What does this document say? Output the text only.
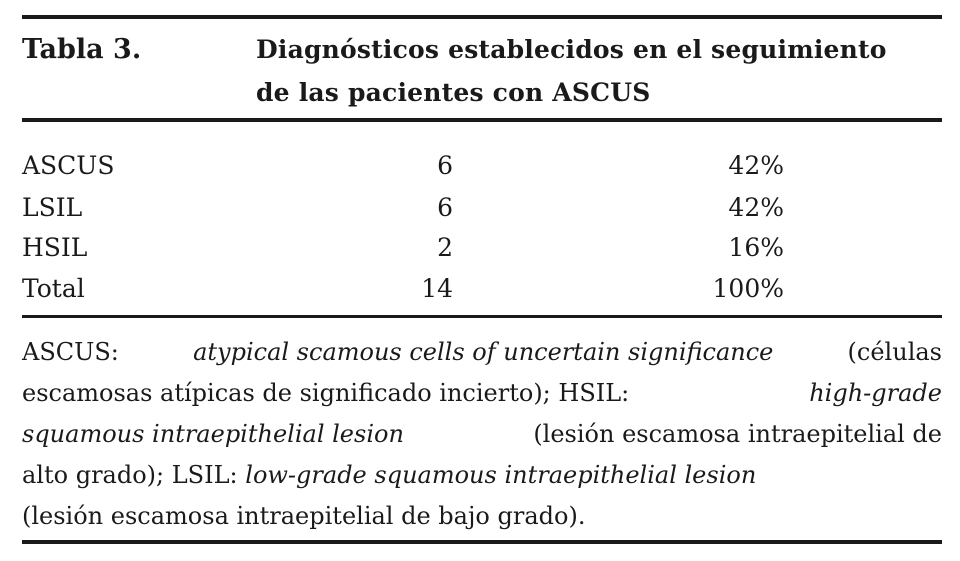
Tabla 3.	Diagnósticos establecidos en el seguimiento
de las pacientes con ASCUS
ASCUS	6	42%
LSIL	6	42%
HSIL	2	16%
Total	14	100%
ASCUS:	atypical scamous cells of uncertain significance	(células
escamosas atípicas de significado incierto); HSIL:	high-grade
squamous intraepithelial lesion	(lesión escamosa intraepitelial de
alto grado); LSIL: low-grade squamous intraepithelial lesion
(lesión escamosa intraepitelial de bajo grado).
